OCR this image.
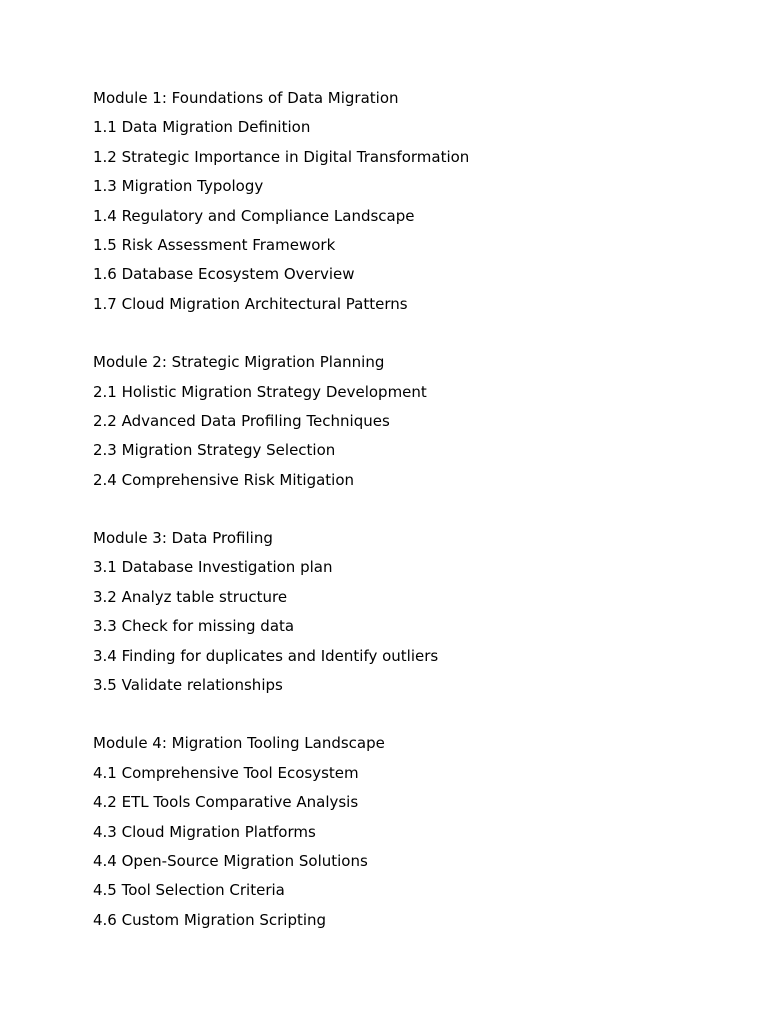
Module 1: Foundations of Data Migration
1.1 Data Migration Definition
1.2 Strategic Importance in Digital Transformation
1.3 Migration Typology
1.4 Regulatory and Compliance Landscape
1.5 Risk Assessment Framework
1.6 Database Ecosystem Overview
1.7 Cloud Migration Architectural Patterns
Module 2: Strategic Migration Planning
2.1 Holistic Migration Strategy Development
2.2 Advanced Data Profiling Techniques
2.3 Migration Strategy Selection
2.4 Comprehensive Risk Mitigation
Module 3: Data Profiling
3.1 Database Investigation plan
3.2 Analyz table structure
3.3 Check for missing data
3.4 Finding for duplicates and Identify outliers
3.5 Validate relationships
Module 4: Migration Tooling Landscape
4.1 Comprehensive Tool Ecosystem
4.2 ETL Tools Comparative Analysis
4.3 Cloud Migration Platforms
4.4 Open-Source Migration Solutions
4.5 Tool Selection Criteria
4.6 Custom Migration Scripting
